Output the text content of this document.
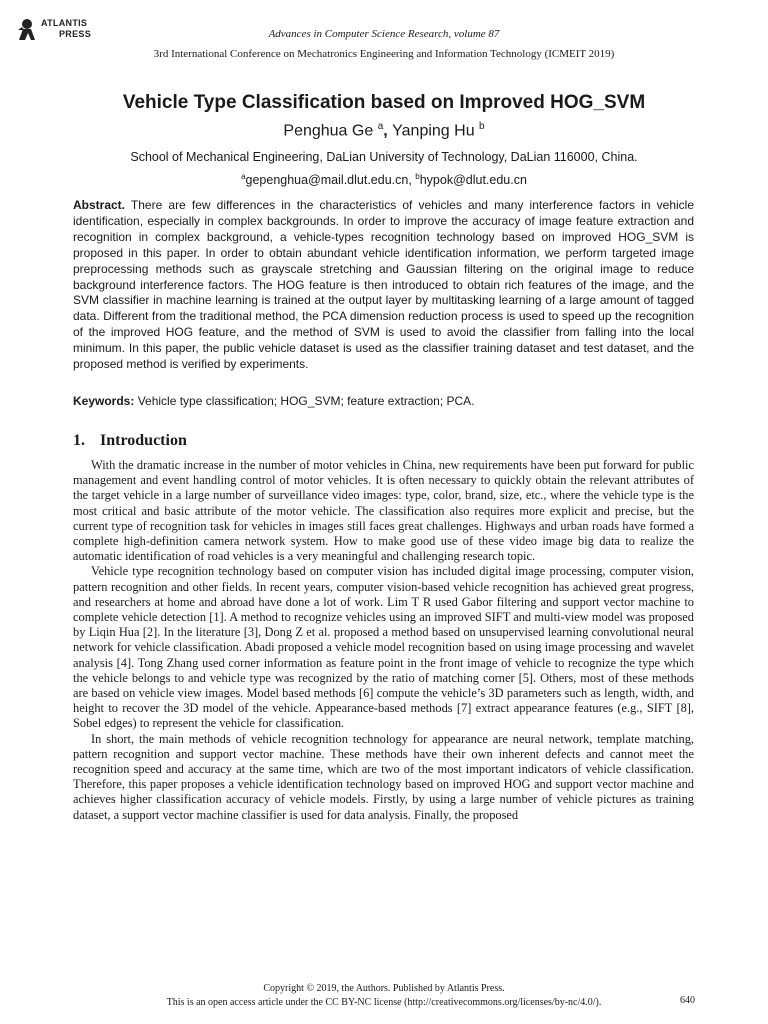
ATLANTIS
PRESS	Advances in Computer Science Research, volume 87
3rd International Conference on Mechatronics Engineering and Information Technology (ICMEIT 2019)
Vehicle Type Classification based on Improved HOG_SVM
Penghua Ge $^a$, Yanping Hu $^b$
School of Mechanical Engineering, DaLian University of Technology, DaLian 116000, China.
$^a$gepenghua@mail.dlut.edu.cn, $^b$hypok@dlut.edu.cn

Abstract. There are few differences in the characteristics of vehicles and many interference factors in vehicle identification, especially in complex backgrounds. In order to improve the accuracy of image feature extraction and recognition in complex background, a vehicle-types recognition technology based on improved HOG_SVM is proposed in this paper. In order to obtain abundant vehicle identification information, we perform targeted image preprocessing methods such as grayscale stretching and Gaussian filtering on the original image to reduce background interference factors. The HOG feature is then introduced to obtain rich features of the image, and the SVM classifier in machine learning is trained at the output layer by multitasking learning of a large amount of tagged data. Different from the traditional method, the PCA dimension reduction process is used to speed up the recognition of the improved HOG feature, and the method of SVM is used to avoid the classifier from falling into the local minimum. In this paper, the public vehicle dataset is used as the classifier training dataset and test dataset, and the proposed method is verified by experiments.

Keywords: Vehicle type classification; HOG_SVM; feature extraction; PCA.

1. Introduction

With the dramatic increase in the number of motor vehicles in China, new requirements have been put forward for public management and event handling control of motor vehicles. It is often necessary to quickly obtain the relevant attributes of the target vehicle in a large number of surveillance video images: type, color, brand, size, etc., where the vehicle type is the most critical and basic attribute of the motor vehicle. The classification also requires more explicit and precise, but the current type of recognition task for vehicles in images still faces great challenges. Highways and urban roads have formed a complete high-definition camera network system. How to make good use of these video image big data to realize the automatic identification of road vehicles is a very meaningful and challenging research topic.

Vehicle type recognition technology based on computer vision has included digital image processing, computer vision, pattern recognition and other fields. In recent years, computer vision-based vehicle recognition has achieved great progress, and researchers at home and abroad have done a lot of work. Lim T R used Gabor filtering and support vector machine to complete vehicle detection [1]. A method to recognize vehicles using an improved SIFT and multi-view model was proposed by Liqin Hua [2]. In the literature [3], Dong Z et al. proposed a method based on unsupervised learning convolutional neural network for vehicle classification. Abadi proposed a vehicle model recognition based on using image processing and wavelet analysis [4]. Tong Zhang used corner information as feature point in the front image of vehicle to recognize the type which the vehicle belongs to and vehicle type was recognized by the ratio of matching corner [5]. Others, most of these methods are based on vehicle view images. Model based methods [6] compute the vehicle’s 3D parameters such as length, width, and height to recover the 3D model of the vehicle. Appearance-based methods [7] extract appearance features (e.g., SIFT [8], Sobel edges) to represent the vehicle for classification.

In short, the main methods of vehicle recognition technology for appearance are neural network, template matching, pattern recognition and support vector machine. These methods have their own inherent defects and cannot meet the recognition speed and accuracy at the same time, which are two of the most important indicators of vehicle classification. Therefore, this paper proposes a vehicle identification technology based on improved HOG and support vector machine and achieves higher classification accuracy of vehicle models. Firstly, by using a large number of vehicle pictures as training dataset, a support vector machine classifier is used for data analysis. Finally, the proposed

Copyright © 2019, the Authors. Published by Atlantis Press.
This is an open access article under the CC BY-NC license (http://creativecommons.org/licenses/by-nc/4.0/).	640
